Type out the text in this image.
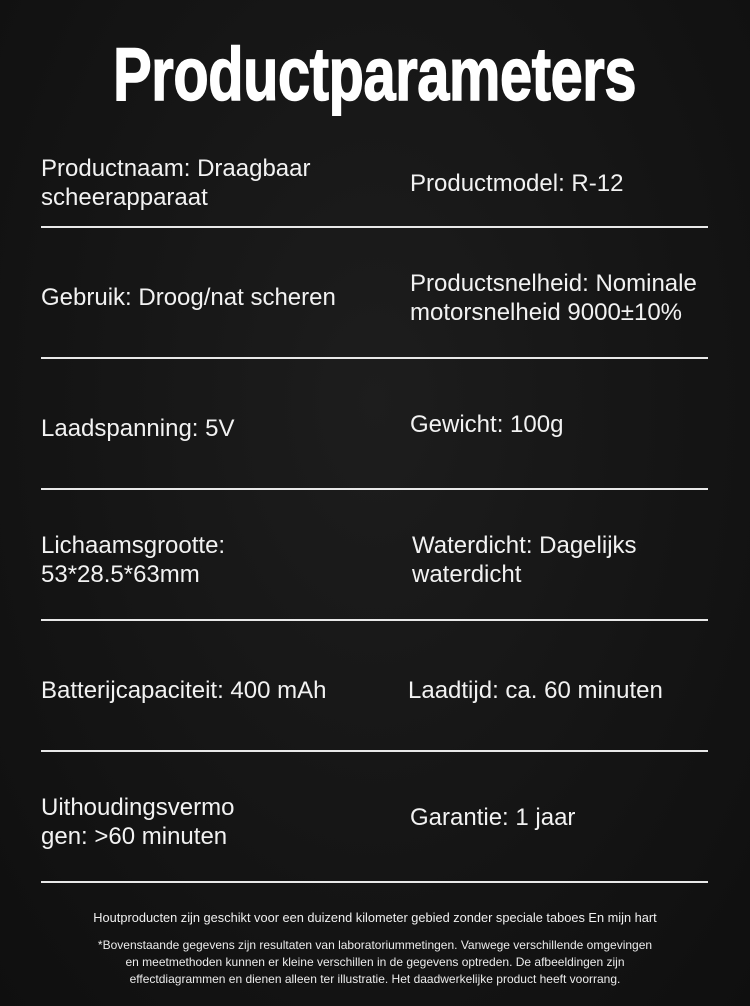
Productparameters
Productnaam: Draagbaar
scheerapparaat
Productmodel: R-12
Gebruik: Droog/nat scheren
Productsnelheid: Nominale
motorsnelheid 9000±10%
Laadspanning: 5V	Gewicht: 100g
Lichaamsgrootte:
53*28.5*63mm
Waterdicht: Dagelijks
waterdicht
Batterijcapaciteit: 400 mAh	Laadtijd: ca. 60 minuten
Uithoudingsvermo
gen: >60 minuten
Garantie: 1 jaar
Houtproducten zijn geschikt voor een duizend kilometer gebied zonder speciale taboes En mijn hart
*Bovenstaande gegevens zijn resultaten van laboratoriummetingen. Vanwege verschillende omgevingen
en meetmethoden kunnen er kleine verschillen in de gegevens optreden. De afbeeldingen zijn
effectdiagrammen en dienen alleen ter illustratie. Het daadwerkelijke product heeft voorrang.
